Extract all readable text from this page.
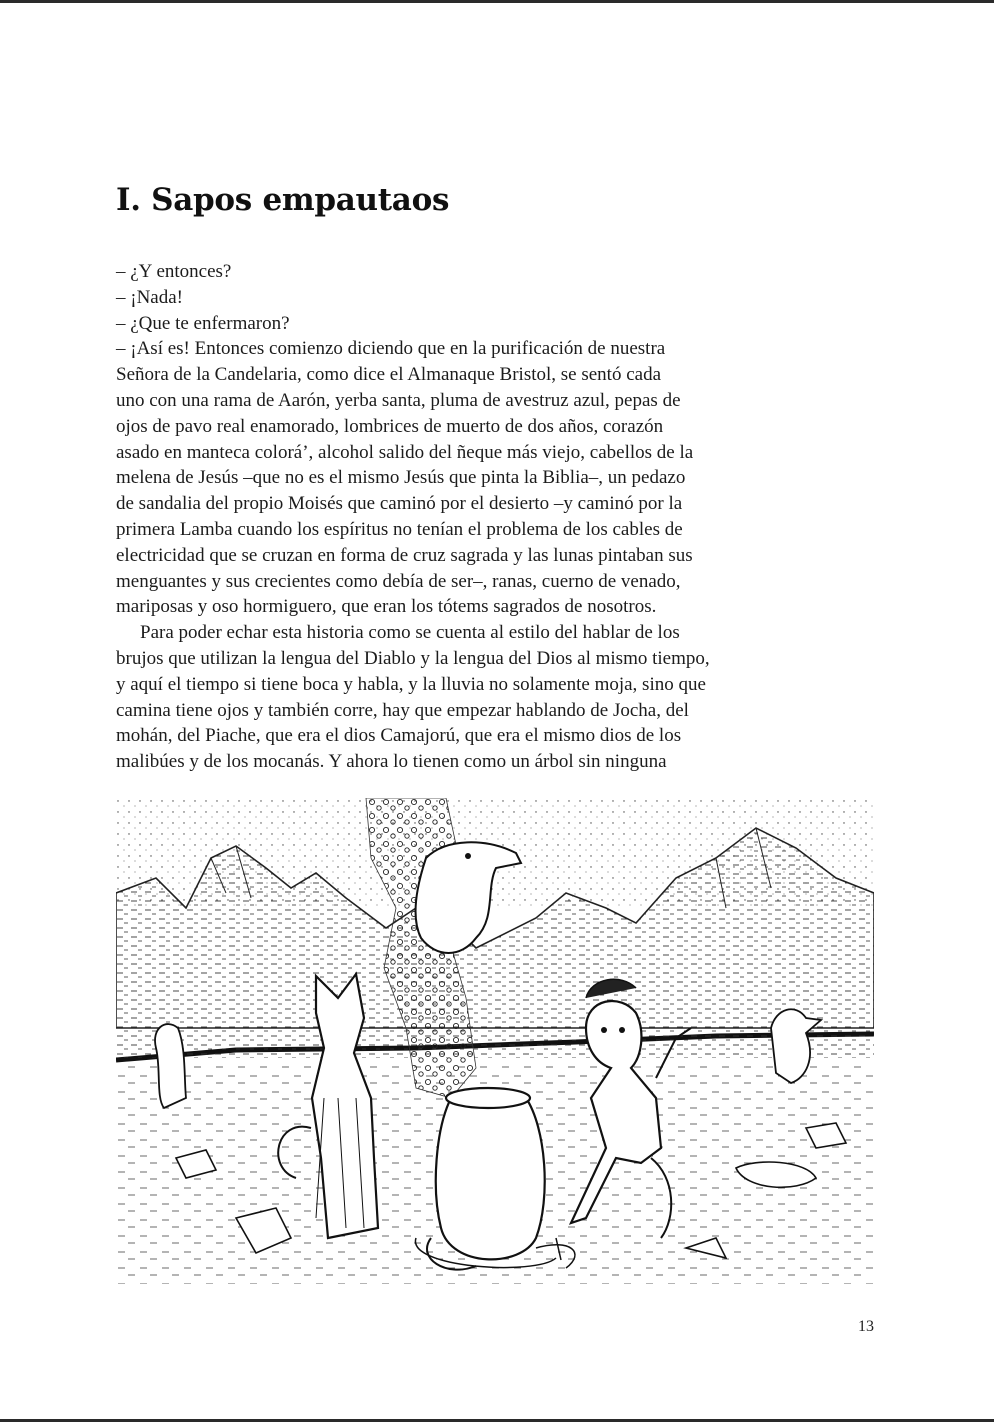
I. Sapos empautaos
– ¿Y entonces?
– ¡Nada!
– ¿Que te enfermaron?
– ¡Así es! Entonces comienzo diciendo que en la purificación de nuestra
Señora de la Candelaria, como dice el Almanaque Bristol, se sentó cada
uno con una rama de Aarón, yerba santa, pluma de avestruz azul, pepas de
ojos de pavo real enamorado, lombrices de muerto de dos años, corazón
asado en manteca colorá’, alcohol salido del ñeque más viejo, cabellos de la
melena de Jesús –que no es el mismo Jesús que pinta la Biblia–, un pedazo
de sandalia del propio Moisés que caminó por el desierto –y caminó por la
primera Lamba cuando los espíritus no tenían el problema de los cables de
electricidad que se cruzan en forma de cruz sagrada y las lunas pintaban sus
menguantes y sus crecientes como debía de ser–, ranas, cuerno de venado,
mariposas y oso hormiguero, que eran los tótems sagrados de nosotros.
Para poder echar esta historia como se cuenta al estilo del hablar de los
brujos que utilizan la lengua del Diablo y la lengua del Dios al mismo tiempo,
y aquí el tiempo si tiene boca y habla, y la lluvia no solamente moja, sino que
camina tiene ojos y también corre, hay que empezar hablando de Jocha, del
mohán, del Piache, que era el dios Camajorú, que era el mismo dios de los
malibúes y de los mocanás. Y ahora lo tienen como un árbol sin ninguna
13
